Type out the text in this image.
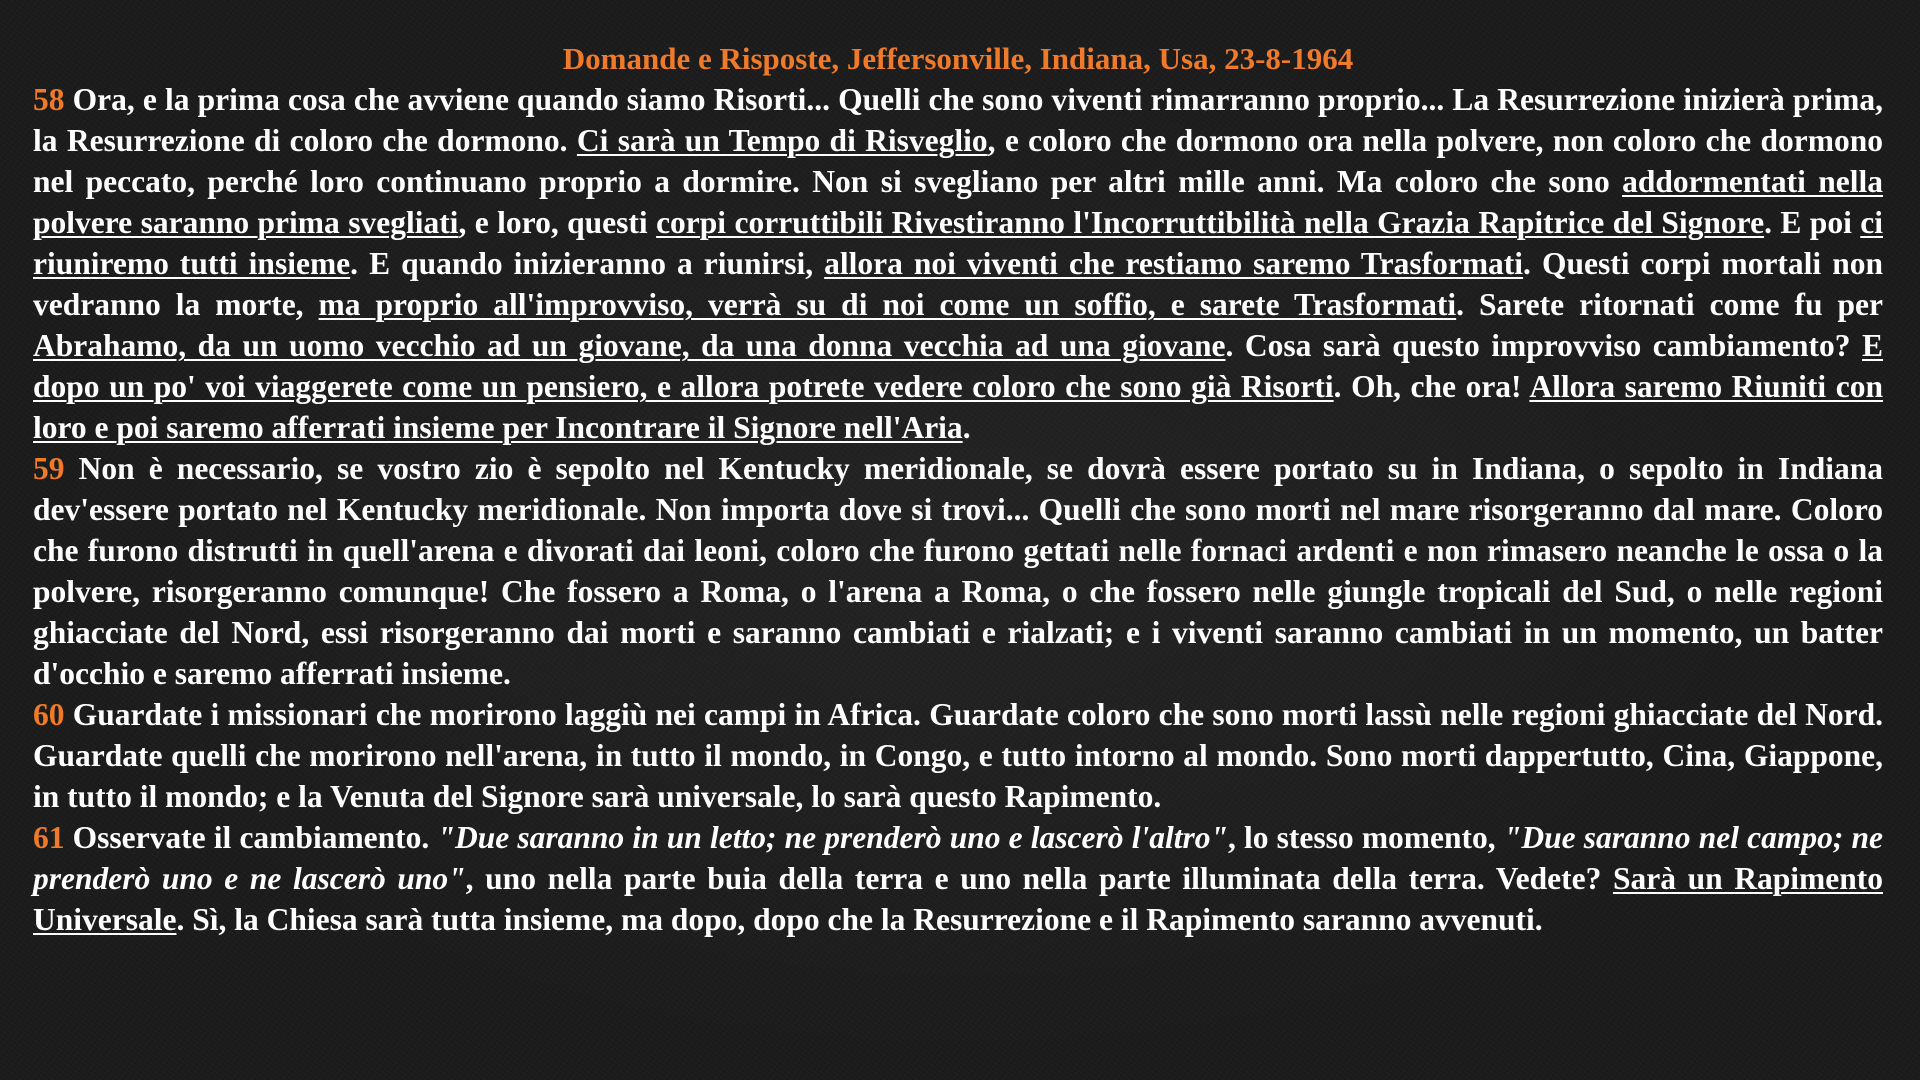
Domande e Risposte, Jeffersonville, Indiana, Usa, 23-8-1964

58 Ora, e la prima cosa che avviene quando siamo Risorti... Quelli che sono viventi rimarranno proprio... La Resurrezione inizierà prima, la Resurrezione di coloro che dormono. Ci sarà un Tempo di Risveglio, e coloro che dormono ora nella polvere, non coloro che dormono nel peccato, perché loro continuano proprio a dormire. Non si svegliano per altri mille anni. Ma coloro che sono addormentati nella polvere saranno prima svegliati, e loro, questi corpi corruttibili Rivestiranno l'Incorruttibilità nella Grazia Rapitrice del Signore. E poi ci riuniremo tutti insieme. E quando inizieranno a riunirsi, allora noi viventi che restiamo saremo Trasformati. Questi corpi mortali non vedranno la morte, ma proprio all'improvviso, verrà su di noi come un soffio, e sarete Trasformati. Sarete ritornati come fu per Abrahamo, da un uomo vecchio ad un giovane, da una donna vecchia ad una giovane. Cosa sarà questo improvviso cambiamento? E dopo un po' voi viaggerete come un pensiero, e allora potrete vedere coloro che sono già Risorti. Oh, che ora! Allora saremo Riuniti con loro e poi saremo afferrati insieme per Incontrare il Signore nell'Aria.

59 Non è necessario, se vostro zio è sepolto nel Kentucky meridionale, se dovrà essere portato su in Indiana, o sepolto in Indiana dev'essere portato nel Kentucky meridionale. Non importa dove si trovi... Quelli che sono morti nel mare risorgeranno dal mare. Coloro che furono distrutti in quell'arena e divorati dai leoni, coloro che furono gettati nelle fornaci ardenti e non rimasero neanche le ossa o la polvere, risorgeranno comunque! Che fossero a Roma, o l'arena a Roma, o che fossero nelle giungle tropicali del Sud, o nelle regioni ghiacciate del Nord, essi risorgeranno dai morti e saranno cambiati e rialzati; e i viventi saranno cambiati in un momento, un batter d'occhio e saremo afferrati insieme.

60 Guardate i missionari che morirono laggiù nei campi in Africa. Guardate coloro che sono morti lassù nelle regioni ghiacciate del Nord. Guardate quelli che morirono nell'arena, in tutto il mondo, in Congo, e tutto intorno al mondo. Sono morti dappertutto, Cina, Giappone, in tutto il mondo; e la Venuta del Signore sarà universale, lo sarà questo Rapimento.

61 Osservate il cambiamento. "Due saranno in un letto; ne prenderò uno e lascerò l'altro", lo stesso momento, "Due saranno nel campo; ne prenderò uno e ne lascerò uno", uno nella parte buia della terra e uno nella parte illuminata della terra. Vedete? Sarà un Rapimento Universale. Sì, la Chiesa sarà tutta insieme, ma dopo, dopo che la Resurrezione e il Rapimento saranno avvenuti.
